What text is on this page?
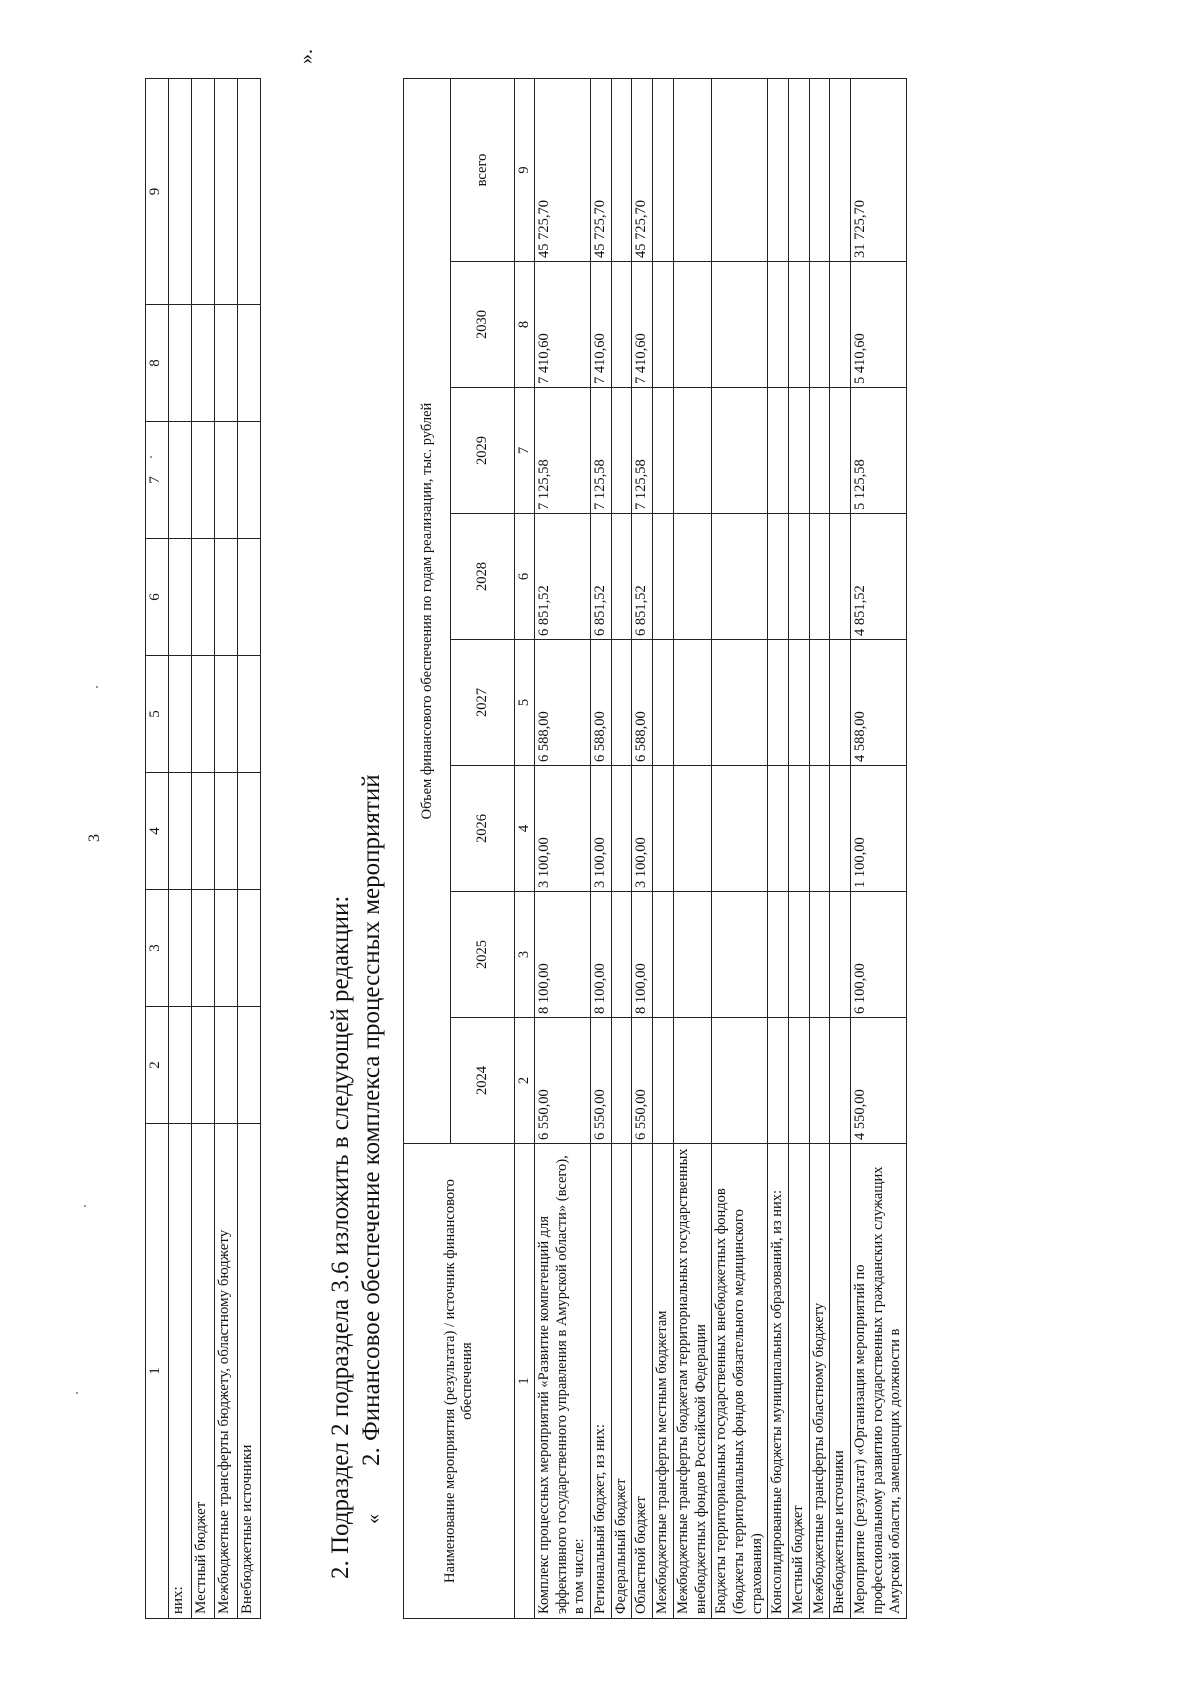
3
1	2	3	4	5	6	7	8	9
них:								
Местный бюджет								
Межбюджетные трансферты бюджету, областному бюджету								
Внебюджетные источники								
».
2. Подраздел 2 подраздела 3.6 изложить в следующей редакции: «2. Финансовое обеспечение комплекса процессных мероприятий	Наименование мероприятия (результата) / источник финансового обеспечения	Объем финансового обеспечения по годам реализации, тыс. рублей							
	2024	2025	2026	2027	2028	2029	2030	всего
1	2	3	4	5	6	7	8	9
Комплекс процессных мероприятий «Развитие компетенций для эффективного государственного управления в Амурской области» (всего), в том числе:	6 550,00	8 100,00	3 100,00	6 588,00	6 851,52	7 125,58	7 410,60	45 725,70
Региональный бюджет, из них:	6 550,00	8 100,00	3 100,00	6 588,00	6 851,52	7 125,58	7 410,60	45 725,70
Федеральный бюджет								
Областной бюджет	6 550,00	8 100,00	3 100,00	6 588,00	6 851,52	7 125,58	7 410,60	45 725,70
Межбюджетные трансферты местным бюджетам								
Межбюджетные трансферты бюджетам территориальных государственных внебюджетных фондов Российской Федерации								
Бюджеты территориальных государственных внебюджетных фондов (бюджеты территориальных фондов обязательного медицинского страхования)								
Консолидированные бюджеты муниципальных образований, из них:								
Местный бюджет								
Межбюджетные трансферты областному бюджету								
Внебюджетные источники								
Мероприятие (результат) «Организация мероприятий по профессиональному развитию государственных гражданских служащих Амурской области, замещающих должности в	4 550,00	6 100,00	1 100,00	4 588,00	4 851,52	5 125,58	5 410,60	31 725,70
